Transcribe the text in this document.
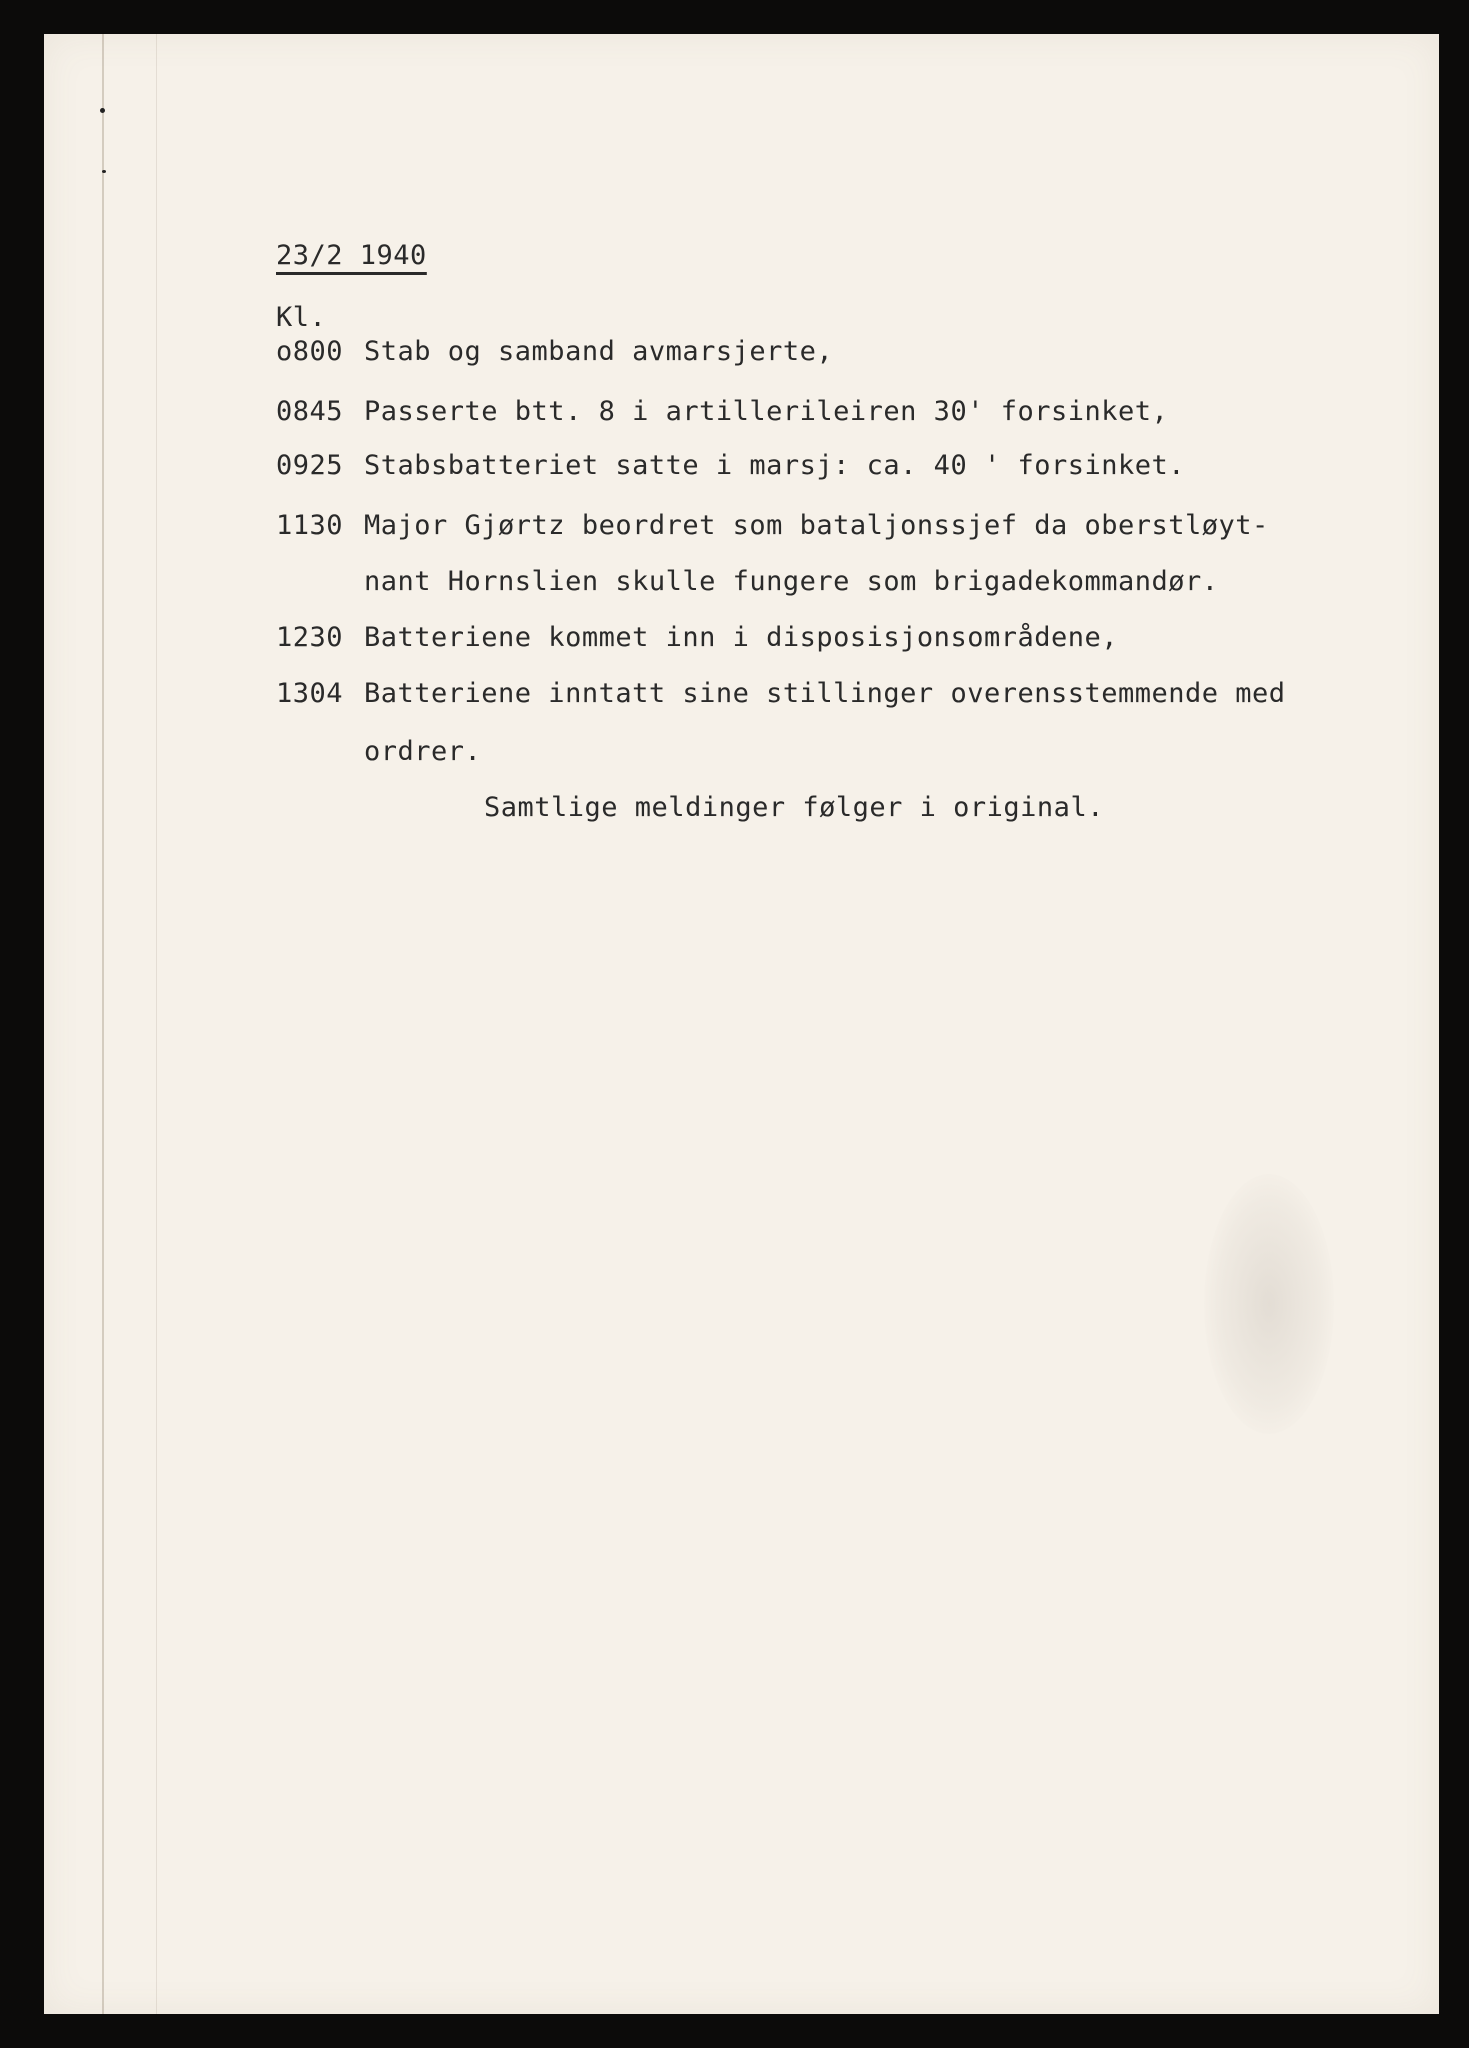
23/2 1940
Kl.
o800 Stab og samband avmarsjerte,
0845 Passerte btt. 8 i artillerileiren 30' forsinket,
0925 Stabsbatteriet satte i marsj: ca. 40 ' forsinket.
1130 Major Gjørtz beordret som bataljonssjef da oberstløyt-
nant Hornslien skulle fungere som brigadekommandør.
1230 Batteriene kommet inn i disposisjonsområdene,
1304 Batteriene inntatt sine stillinger overensstemmende med
ordrer.
Samtlige meldinger følger i original.
